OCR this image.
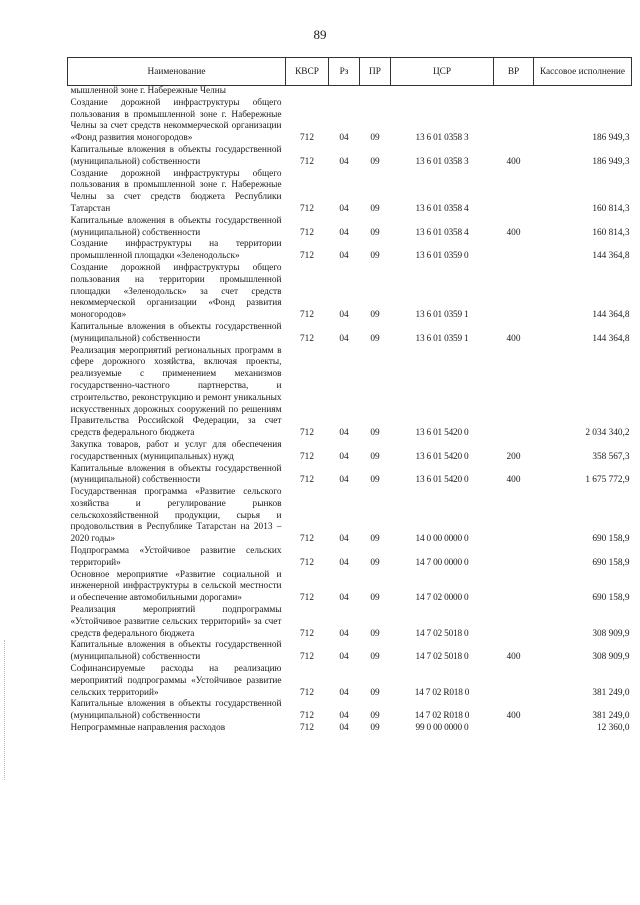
89
Наименование	КВСР	Рз	ПР	ЦСР	ВР	Кассовое исполнение
мышленной зоне г. Набережные Челны						
Создание дорожной инфраструктуры общего пользования в промышленной зоне г. Набережные Челны за счет средств некоммерческой организации «Фонд развития моногородов»	712	04	09	13 6 01 0358 3		186 949,3
Капитальные вложения в объекты государственной (муниципальной) собственности	712	04	09	13 6 01 0358 3	400	186 949,3
Создание дорожной инфраструктуры общего пользования в промышленной зоне г. Набережные Челны за счет средств бюджета Республики Татарстан	712	04	09	13 6 01 0358 4		160 814,3
Капитальные вложения в объекты государственной (муниципальной) собственности	712	04	09	13 6 01 0358 4	400	160 814,3
Создание инфраструктуры на территории промышленной площадки «Зеленодольск»	712	04	09	13 6 01 0359 0		144 364,8
Создание дорожной инфраструктуры общего пользования на территории промышленной площадки «Зеленодольск» за счет средств некоммерческой организации «Фонд развития моногородов»	712	04	09	13 6 01 0359 1		144 364,8
Капитальные вложения в объекты государственной (муниципальной) собственности	712	04	09	13 6 01 0359 1	400	144 364,8
Реализация мероприятий региональных программ в сфере дорожного хозяйства, включая проекты, реализуемые с применением механизмов государственно-частного партнерства, и строительство, реконструкцию и ремонт уникальных искусственных дорожных сооружений по решениям Правительства Российской Федерации, за счет средств федерального бюджета	712	04	09	13 6 01 5420 0		2 034 340,2
Закупка товаров, работ и услуг для обеспечения государственных (муниципальных) нужд	712	04	09	13 6 01 5420 0	200	358 567,3
Капитальные вложения в объекты государственной (муниципальной) собственности	712	04	09	13 6 01 5420 0	400	1 675 772,9
Государственная программа «Развитие сельского хозяйства и регулирование рынков сельскохозяйственной продукции, сырья и продовольствия в Республике Татарстан на 2013 – 2020 годы»	712	04	09	14 0 00 0000 0		690 158,9
Подпрограмма «Устойчивое развитие сельских территорий»	712	04	09	14 7 00 0000 0		690 158,9
Основное мероприятие «Развитие социальной и инженерной инфраструктуры в сельской местности и обеспечение автомобильными дорогами»	712	04	09	14 7 02 0000 0		690 158,9
Реализация мероприятий подпрограммы «Устойчивое развитие сельских территорий» за счет средств федерального бюджета	712	04	09	14 7 02 5018 0		308 909,9
Капитальные вложения в объекты государственной (муниципальной) собственности	712	04	09	14 7 02 5018 0	400	308 909,9
Софинансируемые расходы на реализацию мероприятий подпрограммы «Устойчивое развитие сельских территорий»	712	04	09	14 7 02 R018 0		381 249,0
Капитальные вложения в объекты государственной (муниципальной) собственности	712	04	09	14 7 02 R018 0	400	381 249,0
Непрограммные направления расходов	712	04	09	99 0 00 0000 0		12 360,0
